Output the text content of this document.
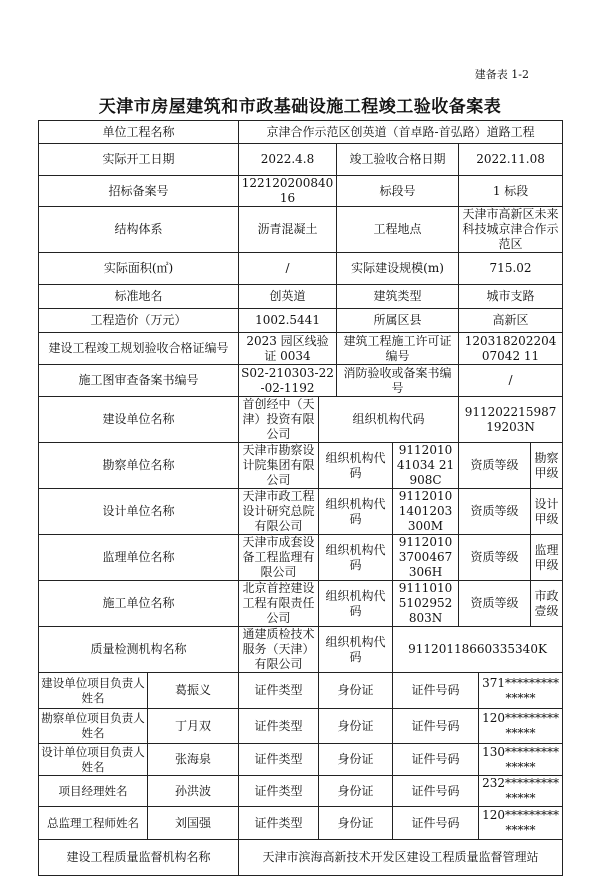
建备表 1-2
天津市房屋建筑和市政基础设施工程竣工验收备案表
单位工程名称		京津合作示范区创英道（首卓路-首弘路）道路工程						
实际开工日期		2022.4.8		竣工验收合格日期		2022.11.08		
招标备案号		12212020084016		标段号		1 标段		
结构体系		沥青混凝土		工程地点		天津市高新区未来科技城京津合作示范区		
实际面积(㎡)		/		实际建设规模(m)		715.02		
标准地名		创英道		建筑类型		城市支路		
工程造价（万元）		1002.5441		所属区县		高新区		
建设工程竣工规划验收合格证编号		2023 园区线验证 0034		建筑工程施工许可证编号		12031820220407042 11		
施工图审查备案书编号		S02-210303-22-02-1192		消防验收或备案书编号		/		
建设单位名称		首创经中（天津）投资有限公司	组织机构代码			91120221598719203N		
勘察单位名称		天津市勘察设计院集团有限公司	组织机构代码		911201041034 21908C	资质等级		勘察甲级
设计单位名称		天津市政工程设计研究总院有限公司	组织机构代码		91120101401203300M	资质等级		设计甲级
监理单位名称		天津市成套设备工程监理有限公司	组织机构代码		91120103700467306H	资质等级		监理甲级
施工单位名称		北京首控建设工程有限责任公司	组织机构代码		91110105102952803N	资质等级		市政壹级
质量检测机构名称		通建质检技术服务（天津）有限公司	组织机构代码		91120118660335340K			
建设单位项目负责人姓名	葛振义	证件类型	身份证		证件号码		371**************	
勘察单位项目负责人姓名	丁月双	证件类型	身份证		证件号码		120**************	
设计单位项目负责人姓名	张海泉	证件类型	身份证		证件号码		130**************	
项目经理姓名	孙洪波	证件类型	身份证		证件号码		232**************	
总监理工程师姓名	刘国强	证件类型	身份证		证件号码		120**************	
建设工程质量监督机构名称		天津市滨海高新技术开发区建设工程质量监督管理站						
